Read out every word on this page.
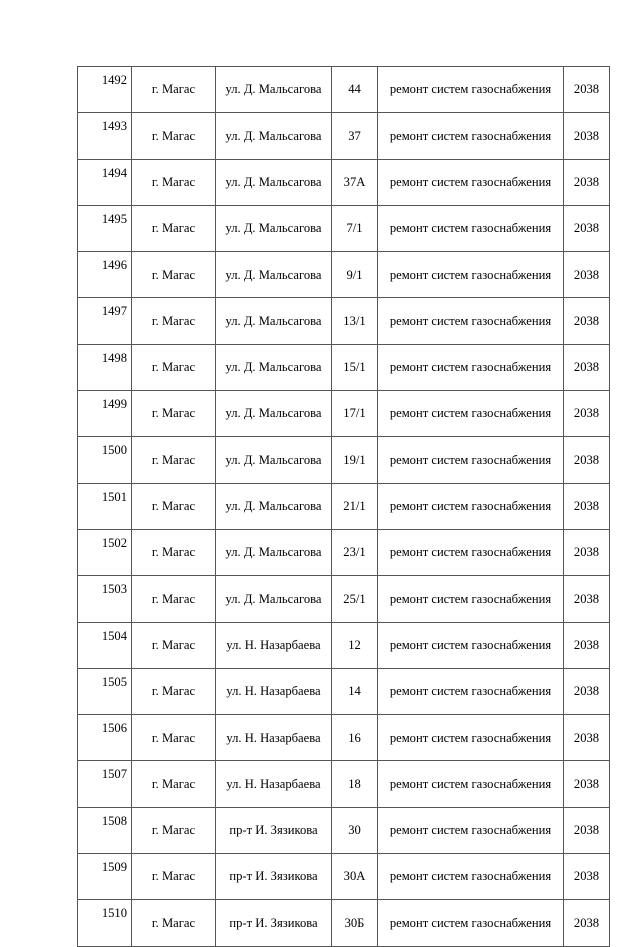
1492	г. Магас	ул. Д. Мальсагова	44	ремонт систем газоснабжения	2038
1493	г. Магас	ул. Д. Мальсагова	37	ремонт систем газоснабжения	2038
1494	г. Магас	ул. Д. Мальсагова	37А	ремонт систем газоснабжения	2038
1495	г. Магас	ул. Д. Мальсагова	7/1	ремонт систем газоснабжения	2038
1496	г. Магас	ул. Д. Мальсагова	9/1	ремонт систем газоснабжения	2038
1497	г. Магас	ул. Д. Мальсагова	13/1	ремонт систем газоснабжения	2038
1498	г. Магас	ул. Д. Мальсагова	15/1	ремонт систем газоснабжения	2038
1499	г. Магас	ул. Д. Мальсагова	17/1	ремонт систем газоснабжения	2038
1500	г. Магас	ул. Д. Мальсагова	19/1	ремонт систем газоснабжения	2038
1501	г. Магас	ул. Д. Мальсагова	21/1	ремонт систем газоснабжения	2038
1502	г. Магас	ул. Д. Мальсагова	23/1	ремонт систем газоснабжения	2038
1503	г. Магас	ул. Д. Мальсагова	25/1	ремонт систем газоснабжения	2038
1504	г. Магас	ул. Н. Назарбаева	12	ремонт систем газоснабжения	2038
1505	г. Магас	ул. Н. Назарбаева	14	ремонт систем газоснабжения	2038
1506	г. Магас	ул. Н. Назарбаева	16	ремонт систем газоснабжения	2038
1507	г. Магас	ул. Н. Назарбаева	18	ремонт систем газоснабжения	2038
1508	г. Магас	пр-т И. Зязикова	30	ремонт систем газоснабжения	2038
1509	г. Магас	пр-т И. Зязикова	30А	ремонт систем газоснабжения	2038
1510	г. Магас	пр-т И. Зязикова	30Б	ремонт систем газоснабжения	2038
